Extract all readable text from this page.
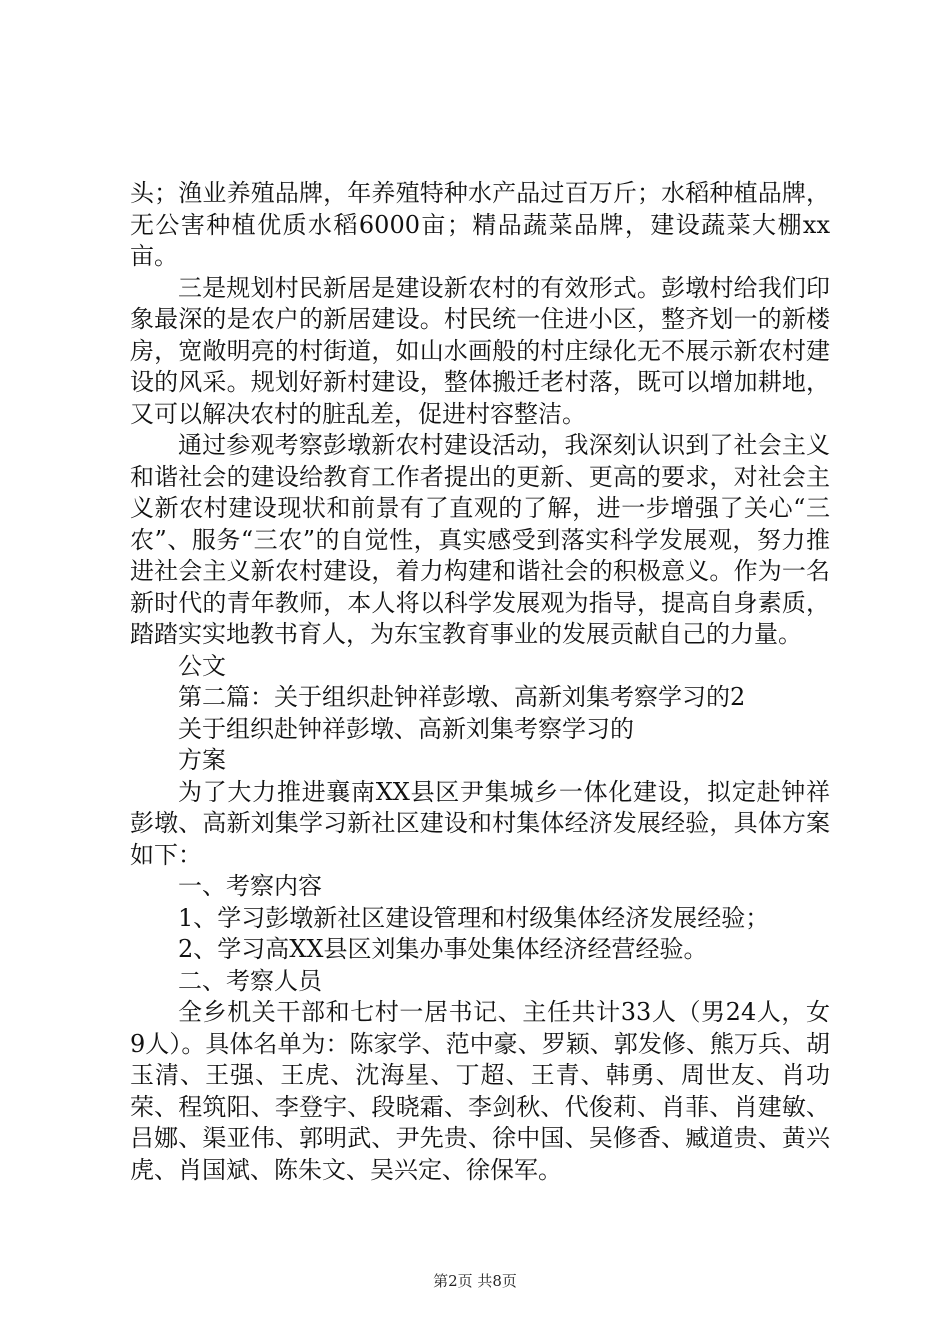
头；渔业养殖品牌，年养殖特种水产品过百万斤；水稻种植品牌，无公害种植优质水稻6000亩；精品蔬菜品牌，建设蔬菜大棚xx亩。

三是规划村民新居是建设新农村的有效形式。彭墩村给我们印象最深的是农户的新居建设。村民统一住进小区，整齐划一的新楼房，宽敞明亮的村街道，如山水画般的村庄绿化无不展示新农村建设的风采。规划好新村建设，整体搬迁老村落，既可以增加耕地，又可以解决农村的脏乱差，促进村容整洁。

通过参观考察彭墩新农村建设活动，我深刻认识到了社会主义和谐社会的建设给教育工作者提出的更新、更高的要求，对社会主义新农村建设现状和前景有了直观的了解，进一步增强了关心“三农”、服务“三农”的自觉性，真实感受到落实科学发展观，努力推进社会主义新农村建设，着力构建和谐社会的积极意义。作为一名新时代的青年教师，本人将以科学发展观为指导，提高自身素质，踏踏实实地教书育人，为东宝教育事业的发展贡献自己的力量。

公文

第二篇：关于组织赴钟祥彭墩、高新刘集考察学习的2

关于组织赴钟祥彭墩、高新刘集考察学习的

方案

为了大力推进襄南XX县区尹集城乡一体化建设，拟定赴钟祥彭墩、高新刘集学习新社区建设和村集体经济发展经验，具体方案如下：

一、考察内容

1、学习彭墩新社区建设管理和村级集体经济发展经验；

2、学习高XX县区刘集办事处集体经济经营经验。

二、考察人员

全乡机关干部和七村一居书记、主任共计33人（男24人，女9人）。具体名单为：陈家学、范中豪、罗颖、郭发修、熊万兵、胡玉清、王强、王虎、沈海星、丁超、王青、韩勇、周世友、肖功荣、程筑阳、李登宇、段晓霜、李剑秋、代俊莉、肖菲、肖建敏、吕娜、渠亚伟、郭明武、尹先贵、徐中国、吴修香、臧道贵、黄兴虎、肖国斌、陈朱文、吴兴定、徐保军。

第2页 共8页
